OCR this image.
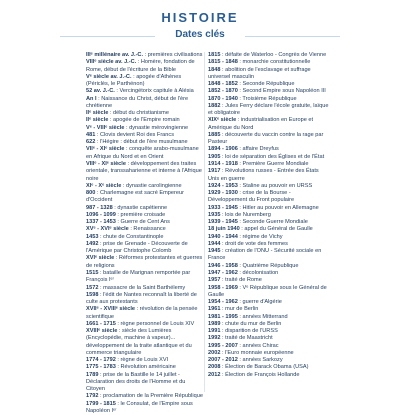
HISTOIRE
Dates clés
IIIᵉ millénaire av. J.-C. : premières civilisations
VIIIᵉ siècle av. J.-C. : Homère, fondation de Rome, début de l'écriture de la Bible
Vᵉ siècle av. J.-C. : apogée d'Athènes (Périclès, le Parthénon)
52 av. J.-C. : Vercingétorix capitule à Alésia
An I : Naissance du Christ, début de l'ère chrétienne
IIᵉ siècle : début du christianisme
IIᵉ siècle : apogée de l'Empire romain
Vᵉ - VIIIᵉ siècle : dynastie mérovingienne
481 : Clovis devient Roi des Francs
622 : l'Hégire : début de l'ère musulmane
VIIᵉ - XIᵉ siècle : conquête arabo-musulmane en Afrique du Nord et en Orient
VIIIᵉ - XIᵉ siècle : développement des traites orientale, transsaharienne et interne à l'Afrique noire
XIᵉ - Xᵉ siècle : dynastie carolingienne
800 : Charlemagne est sacré Empereur d'Occident
987 - 1328 : dynastie capétienne
1096 - 1099 : première croisade
1337 - 1453 : Guerre de Cent Ans
XVᵉ - XVIᵉ siècle : Renaissance
1453 : chute de Constantinople
1492 : prise de Grenade - Découverte de l'Amérique par Christophe Colomb
XVIᵉ siècle : Réformes protestantes et guerres de religions
1515 : bataille de Marignan remportée par François Iᵉʳ
1572 : massacre de la Saint Barthélemy
1598 : l'édit de Nantes reconnaît la liberté de culte aux protestants
XVIIᵉ - XVIIIᵉ siècle : révolution de la pensée scientifique
1661 - 1715 : règne personnel de Louis XIV
XVIIIᵉ siècle : siècle des Lumières (Encyclopédie, machine à vapeur)... développement de la traite atlantique et du commerce triangulaire
1774 - 1792 : règne de Louis XVI
1775 - 1783 : Révolution américaine
1789 : prise de la Bastille le 14 juillet - Déclaration des droits de l'Homme et du Citoyen
1792 : proclamation de la Première République
1799 - 1815 : le Consulat, de l'Empire sous Napoléon Iᵉʳ
1815 : défaite de Waterloo - Congrès de Vienne
1815 - 1848 : monarchie constitutionnelle
1848 : abolition de l'esclavage et suffrage universel masculin
1848 - 1852 : Seconde République
1852 - 1870 : Second Empire sous Napoléon III
1870 - 1940 : Troisième République
1882 : Jules Ferry déclare l'école gratuite, laïque et obligatoire
XIXᵉ siècle : industrialisation en Europe et Amérique du Nord
1885 : découverte du vaccin contre la rage par Pasteur
1894 - 1906 : affaire Dreyfus
1905 : loi de séparation des Églises et de l'État
1914 - 1918 : Première Guerre Mondiale
1917 : Révolutions russes - Entrée des États Unis en guerre
1924 - 1953 : Staline au pouvoir en URSS
1929 - 1930 : crise de la Bourse - Développement du Front populaire
1933 - 1945 : Hitler au pouvoir en Allemagne
1935 : lois de Nuremberg
1939 - 1945 : Seconde Guerre Mondiale
18 juin 1940 : appel du Général de Gaulle
1940 - 1944 : régime de Vichy
1944 : droit de vote des femmes
1945 : création de l'ONU - Sécurité sociale en France
1946 - 1958 : Quatrième République
1947 - 1962 : décolonisation
1957 : traité de Rome
1958 - 1969 : Vᵉ République sous le Général de Gaulle
1954 - 1962 : guerre d'Algérie
1961 : mur de Berlin
1981 - 1995 : années Mitterrand
1989 : chute du mur de Berlin
1991 : disparition de l'URSS
1992 : traité de Maastricht
1995 - 2007 : années Chirac
2002 : l'Euro monnaie européenne
2007 - 2012 : années Sarkozy
2008 : Élection de Barack Obama (USA)
2012 : Élection de François Hollande
